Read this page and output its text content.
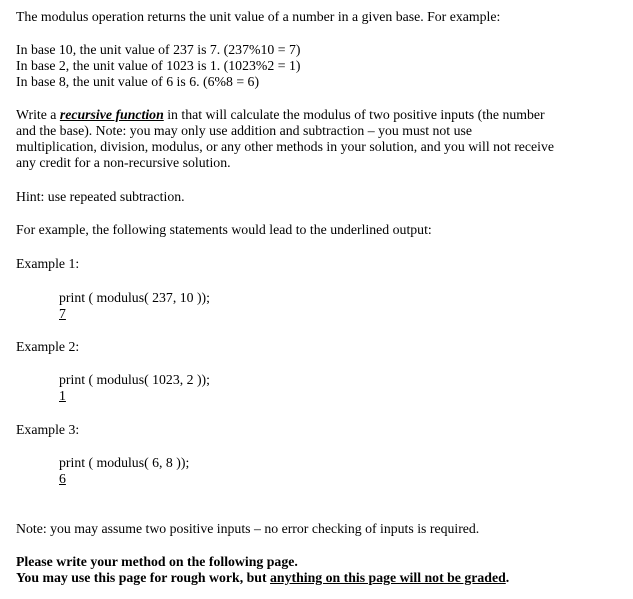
The modulus operation returns the unit value of a number in a given base. For example:
In base 10, the unit value of 237 is 7. (237%10 = 7)
In base 2, the unit value of 1023 is 1. (1023%2 = 1)
In base 8, the unit value of 6 is 6. (6%8 = 6)
Write a recursive function in that will calculate the modulus of two positive inputs (the number
and the base). Note: you may only use addition and subtraction – you must not use
multiplication, division, modulus, or any other methods in your solution, and you will not receive
any credit for a non-recursive solution.
Hint: use repeated subtraction.
For example, the following statements would lead to the underlined output:
Example 1:
print ( modulus( 237, 10 ));
7
Example 2:
print ( modulus( 1023, 2 ));
1
Example 3:
print ( modulus( 6, 8 ));
6
Note: you may assume two positive inputs – no error checking of inputs is required.
Please write your method on the following page.
You may use this page for rough work, but anything on this page will not be graded.
